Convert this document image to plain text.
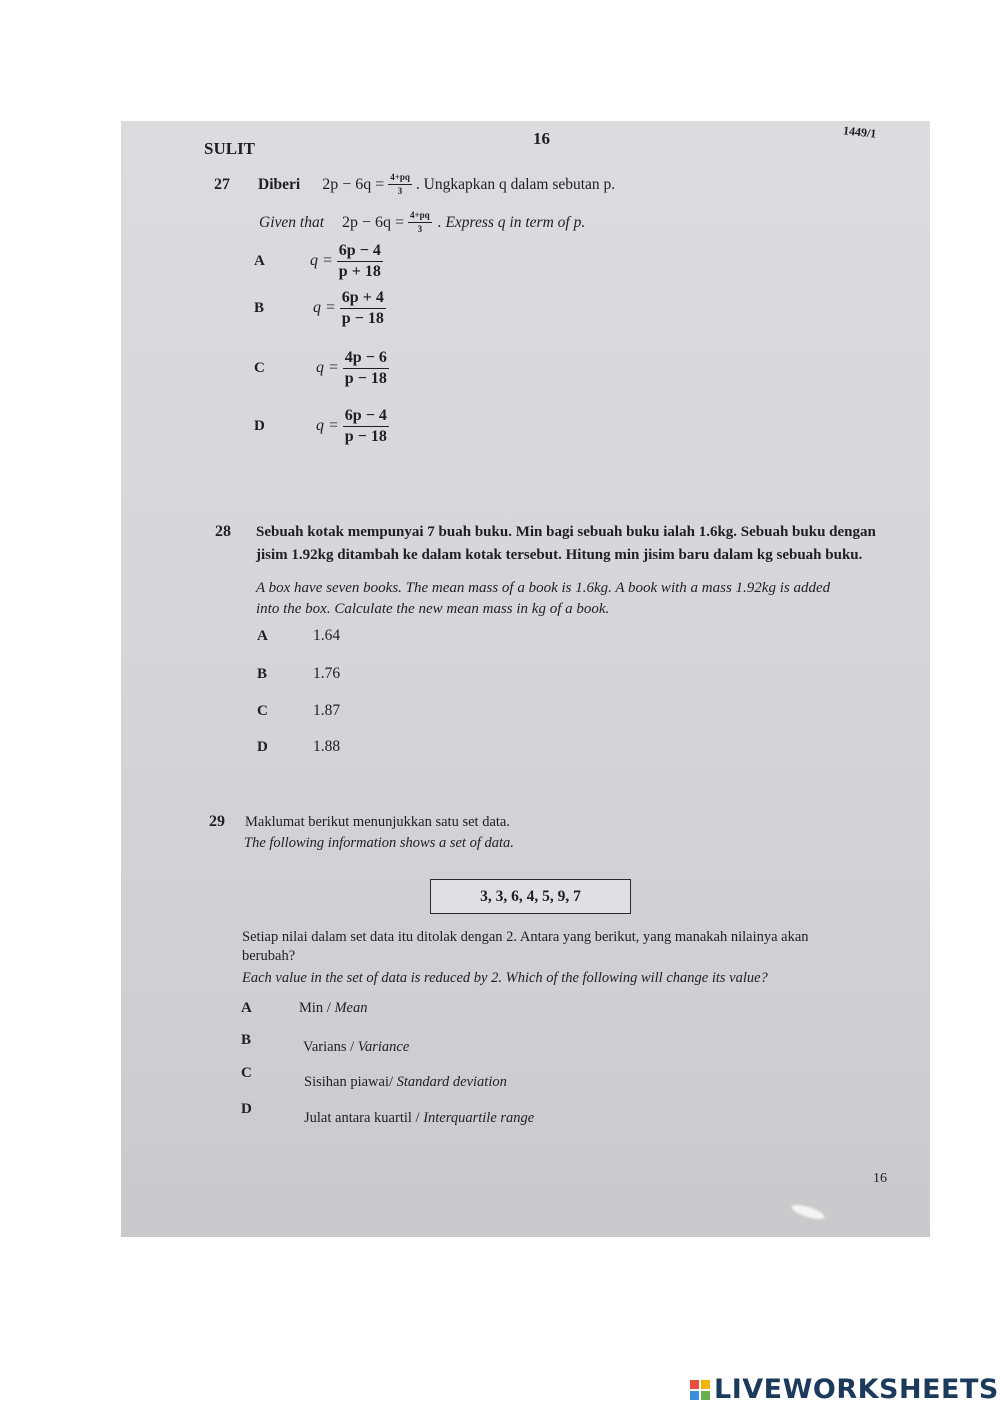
SULIT
16	1449/1
27 Diberi $2p - 6q = \frac{4+pq}{3}$ . Ungkapkan q dalam sebutan p.
Given that $2p - 6q = \frac{4+pq}{3}$ . Express q in term of p.
A	$q = \frac{6p - 4}{p + 18}$
B	$q = \frac{6p + 4}{p - 18}$
C	$q = \frac{4p - 6}{p - 18}$
D	$q = \frac{6p - 4}{p - 18}$
28 Sebuah kotak mempunyai 7 buah buku. Min bagi sebuah buku ialah 1.6kg. Sebuah buku dengan
jisim 1.92kg ditambah ke dalam kotak tersebut. Hitung min jisim baru dalam kg sebuah buku.
A box have seven books. The mean mass of a book is 1.6kg. A book with a mass 1.92kg is added
into the box. Calculate the new mean mass in kg of a book.
A	1.64
B	1.76
C	1.87
D	1.88
29 Maklumat berikut menunjukkan satu set data.
The following information shows a set of data.
3, 3, 6, 4, 5, 9, 7
Setiap nilai dalam set data itu ditolak dengan 2. Antara yang berikut, yang manakah nilainya akan
berubah?
Each value in the set of data is reduced by 2. Which of the following will change its value?
A	Min / Mean
B	Varians / Variance
C Sisihan piawai/ Standard deviation
D Julat antara kuartil / Interquartile range
16
LIVEWORKSHEETS
